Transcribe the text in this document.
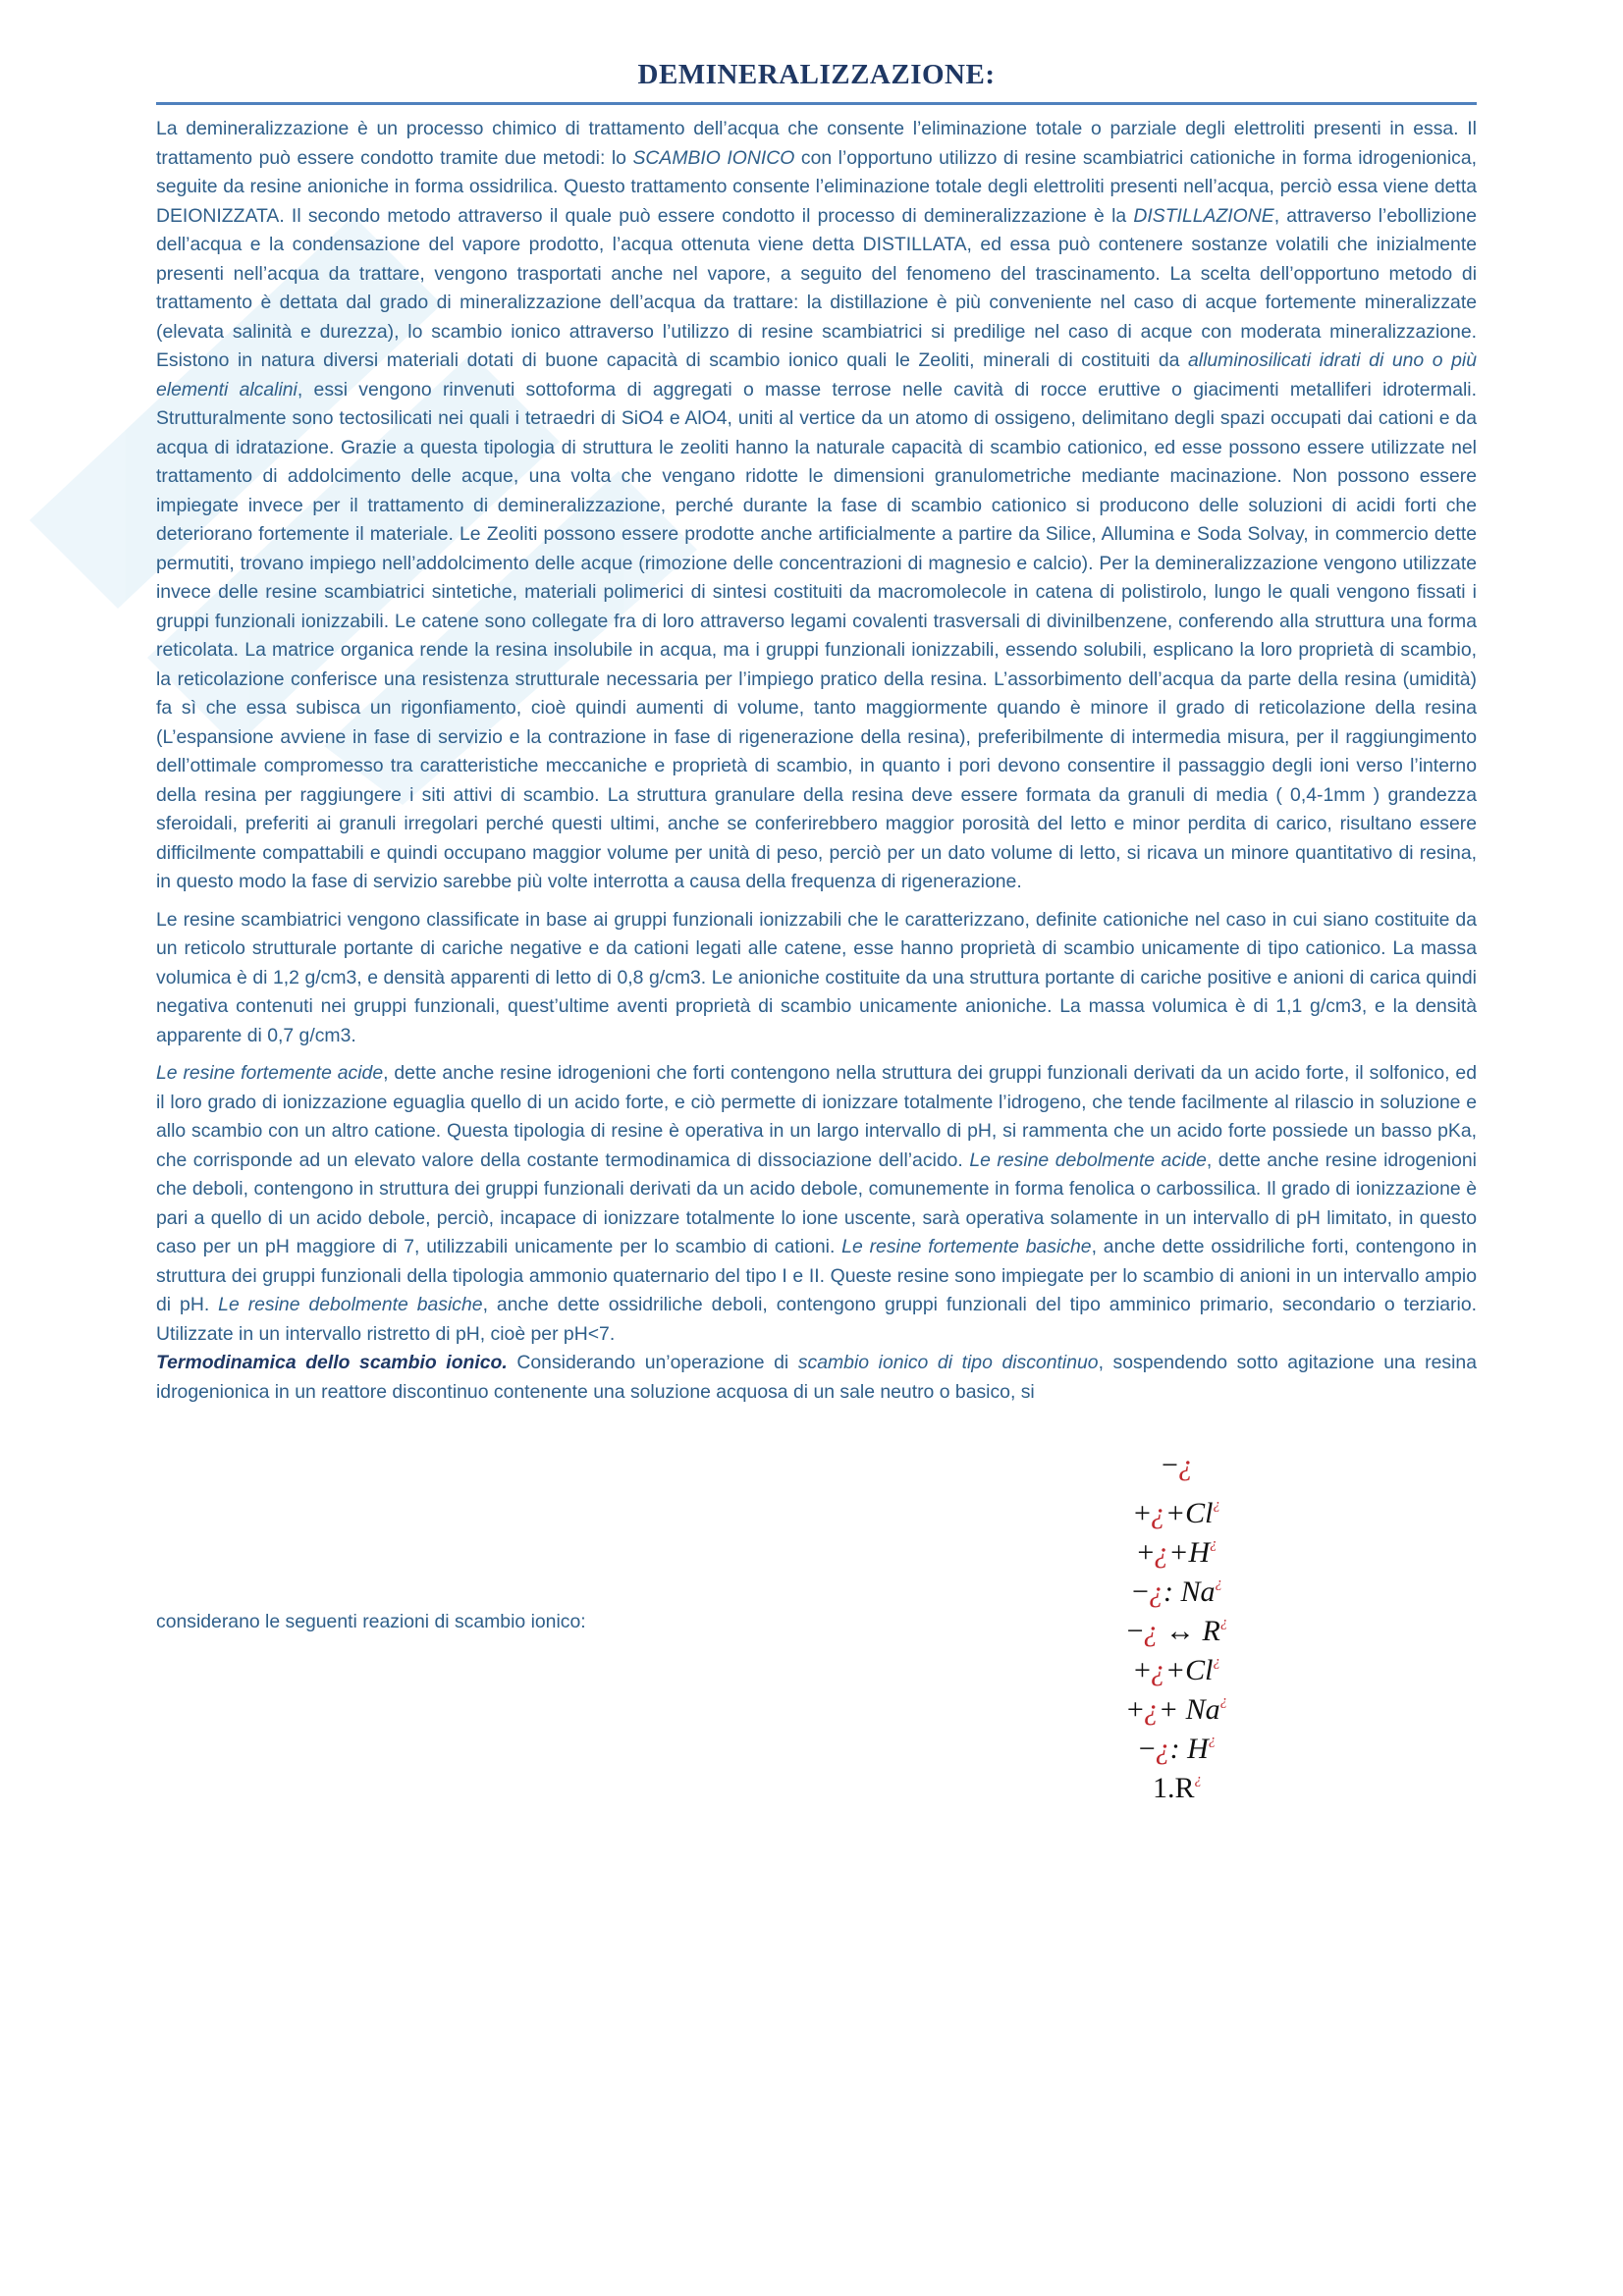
DEMINERALIZZAZIONE:

La demineralizzazione è un processo chimico di trattamento dell’acqua che consente l’eliminazione totale o parziale degli elettroliti presenti in essa. Il trattamento può essere condotto tramite due metodi: lo SCAMBIO IONICO con l’opportuno utilizzo di resine scambiatrici cationiche in forma idrogenionica, seguite da resine anioniche in forma ossidrilica. Questo trattamento consente l’eliminazione totale degli elettroliti presenti nell’acqua, perciò essa viene detta DEIONIZZATA. Il secondo metodo attraverso il quale può essere condotto il processo di demineralizzazione è la DISTILLAZIONE, attraverso l’ebollizione dell’acqua e la condensazione del vapore prodotto, l’acqua ottenuta viene detta DISTILLATA, ed essa può contenere sostanze volatili che inizialmente presenti nell’acqua da trattare, vengono trasportati anche nel vapore, a seguito del fenomeno del trascinamento. La scelta dell’opportuno metodo di trattamento è dettata dal grado di mineralizzazione dell’acqua da trattare: la distillazione è più conveniente nel caso di acque fortemente mineralizzate (elevata salinità e durezza), lo scambio ionico attraverso l’utilizzo di resine scambiatrici si predilige nel caso di acque con moderata mineralizzazione. Esistono in natura diversi materiali dotati di buone capacità di scambio ionico quali le Zeoliti, minerali di costituiti da alluminosilicati idrati di uno o più elementi alcalini, essi vengono rinvenuti sottoforma di aggregati o masse terrose nelle cavità di rocce eruttive o giacimenti metalliferi idrotermali. Strutturalmente sono tectosilicati nei quali i tetraedri di SiO4 e AlO4, uniti al vertice da un atomo di ossigeno, delimitano degli spazi occupati dai cationi e da acqua di idratazione. Grazie a questa tipologia di struttura le zeoliti hanno la naturale capacità di scambio cationico, ed esse possono essere utilizzate nel trattamento di addolcimento delle acque, una volta che vengano ridotte le dimensioni granulometriche mediante macinazione. Non possono essere impiegate invece per il trattamento di demineralizzazione, perché durante la fase di scambio cationico si producono delle soluzioni di acidi forti che deteriorano fortemente il materiale. Le Zeoliti possono essere prodotte anche artificialmente a partire da Silice, Allumina e Soda Solvay, in commercio dette permutiti, trovano impiego nell’addolcimento delle acque (rimozione delle concentrazioni di magnesio e calcio). Per la demineralizzazione vengono utilizzate invece delle resine scambiatrici sintetiche, materiali polimerici di sintesi costituiti da macromolecole in catena di polistirolo, lungo le quali vengono fissati i gruppi funzionali ionizzabili. Le catene sono collegate fra di loro attraverso legami covalenti trasversali di divinilbenzene, conferendo alla struttura una forma reticolata. La matrice organica rende la resina insolubile in acqua, ma i gruppi funzionali ionizzabili, essendo solubili, esplicano la loro proprietà di scambio, la reticolazione conferisce una resistenza strutturale necessaria per l’impiego pratico della resina. L’assorbimento dell’acqua da parte della resina (umidità) fa sì che essa subisca un rigonfiamento, cioè quindi aumenti di volume, tanto maggiormente quando è minore il grado di reticolazione della resina (L’espansione avviene in fase di servizio e la contrazione in fase di rigenerazione della resina), preferibilmente di intermedia misura, per il raggiungimento dell’ottimale compromesso tra caratteristiche meccaniche e proprietà di scambio, in quanto i pori devono consentire il passaggio degli ioni verso l’interno della resina per raggiungere i siti attivi di scambio. La struttura granulare della resina deve essere formata da granuli di media ( 0,4-1mm ) grandezza sferoidali, preferiti ai granuli irregolari perché questi ultimi, anche se conferirebbero maggior porosità del letto e minor perdita di carico, risultano essere difficilmente compattabili e quindi occupano maggior volume per unità di peso, perciò per un dato volume di letto, si ricava un minore quantitativo di resina, in questo modo la fase di servizio sarebbe più volte interrotta a causa della frequenza di rigenerazione.

Le resine scambiatrici vengono classificate in base ai gruppi funzionali ionizzabili che le caratterizzano, definite cationiche nel caso in cui siano costituite da un reticolo strutturale portante di cariche negative e da cationi legati alle catene, esse hanno proprietà di scambio unicamente di tipo cationico. La massa volumica è di 1,2 g/cm3, e densità apparenti di letto di 0,8 g/cm3. Le anioniche costituite da una struttura portante di cariche positive e anioni di carica quindi negativa contenuti nei gruppi funzionali, quest’ultime aventi proprietà di scambio unicamente anioniche. La massa volumica è di 1,1 g/cm3, e la densità apparente di 0,7 g/cm3.

Le resine fortemente acide, dette anche resine idrogenioni che forti contengono nella struttura dei gruppi funzionali derivati da un acido forte, il solfonico, ed il loro grado di ionizzazione eguaglia quello di un acido forte, e ciò permette di ionizzare totalmente l’idrogeno, che tende facilmente al rilascio in soluzione e allo scambio con un altro catione. Questa tipologia di resine è operativa in un largo intervallo di pH, si rammenta che un acido forte possiede un basso pKa, che corrisponde ad un elevato valore della costante termodinamica di dissociazione dell’acido. Le resine debolmente acide, dette anche resine idrogenioni che deboli, contengono in struttura dei gruppi funzionali derivati da un acido debole, comunemente in forma fenolica o carbossilica. Il grado di ionizzazione è pari a quello di un acido debole, perciò, incapace di ionizzare totalmente lo ione uscente, sarà operativa solamente in un intervallo di pH limitato, in questo caso per un pH maggiore di 7, utilizzabili unicamente per lo scambio di cationi. Le resine fortemente basiche, anche dette ossidriliche forti, contengono in struttura dei gruppi funzionali della tipologia ammonio quaternario del tipo I e II. Queste resine sono impiegate per lo scambio di anioni in un intervallo ampio di pH. Le resine debolmente basiche, anche dette ossidriliche deboli, contengono gruppi funzionali del tipo amminico primario, secondario o terziario. Utilizzate in un intervallo ristretto di pH, cioè per pH<7.

Termodinamica dello scambio ionico. Considerando un’operazione di scambio ionico di tipo discontinuo, sospendendo sotto agitazione una resina idrogenionica in un reattore discontinuo contenente una soluzione acquosa di un sale neutro o basico, si

considerano le seguenti reazioni di scambio ionico:
−¿
+¿+Cl¿
+¿+H¿
−¿: Na¿
−¿ ↔ R¿
+¿+Cl¿
+¿+ Na¿
−¿: H¿
1.R¿
